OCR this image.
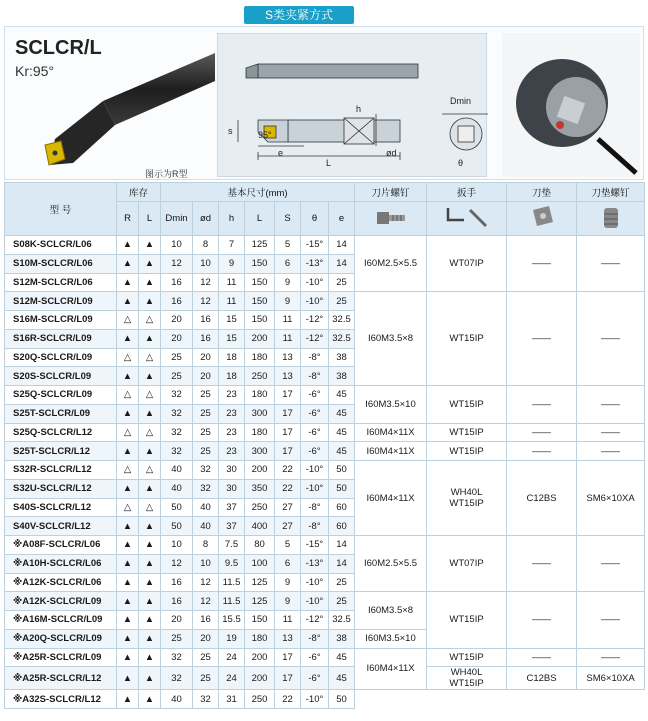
S类夹紧方式
SCLCR/L
Kr:95°
图示为R型
h
Dmin
s	95°
e
L
ød
θ
型 号	库存		基本尺寸(mm)							刀片螺钉	扳手	刀垫	刀垫螺钉
	R	L	Dmin	ød	h	L	S	θ	e				

S08K-SCLCR/L06	▲	▲	10	8	7	125	5	-15°	14	I60M2.5×5.5	WT07IP	——	——
S10M-SCLCR/L06	▲	▲	12	10	9	150	6	-13°	14				
S12M-SCLCR/L06	▲	▲	16	12	11	150	9	-10°	25				
S12M-SCLCR/L09	▲	▲	16	12	11	150	9	-10°	25	I60M3.5×8	WT15IP	——	——
S16M-SCLCR/L09	△	△	20	16	15	150	11	-12°	32.5				
S16R-SCLCR/L09	▲	▲	20	16	15	200	11	-12°	32.5				
S20Q-SCLCR/L09	△	△	25	20	18	180	13	-8°	38				
S20S-SCLCR/L09	▲	▲	25	20	18	250	13	-8°	38				
S25Q-SCLCR/L09	△	△	32	25	23	180	17	-6°	45	I60M3.5×10	WT15IP	——	——
S25T-SCLCR/L09	▲	▲	32	25	23	300	17	-6°	45				
S25Q-SCLCR/L12	△	△	32	25	23	180	17	-6°	45	I60M4×11X	WT15IP	——	——
S25T-SCLCR/L12	▲	▲	32	25	23	300	17	-6°	45	I60M4×11X	WT15IP	——	——
S32R-SCLCR/L12	△	△	40	32	30	200	22	-10°	50	I60M4×11X	WH40L
WT15IP	C12BS	SM6×10XA
S32U-SCLCR/L12	▲	▲	40	32	30	350	22	-10°	50				
S40S-SCLCR/L12	△	△	50	40	37	250	27	-8°	60				
S40V-SCLCR/L12	▲	▲	50	40	37	400	27	-8°	60				
※A08F-SCLCR/L06	▲	▲	10	8	7.5	80	5	-15°	14	I60M2.5×5.5	WT07IP	——	——
※A10H-SCLCR/L06	▲	▲	12	10	9.5	100	6	-13°	14				
※A12K-SCLCR/L06	▲	▲	16	12	11.5	125	9	-10°	25				
※A12K-SCLCR/L09	▲	▲	16	12	11.5	125	9	-10°	25	I60M3.5×8	WT15IP	——	——
※A16M-SCLCR/L09	▲	▲	20	16	15.5	150	11	-12°	32.5				
※A20Q-SCLCR/L09	▲	▲	25	20	19	180	13	-8°	38	I60M3.5×10			
※A25R-SCLCR/L09	▲	▲	32	25	24	200	17	-6°	45	I60M4×11X	WT15IP	——	——
※A25R-SCLCR/L12	▲	▲	32	25	24	200	17	-6°	45		WH40L
WT15IP	C12BS	SM6×10XA
※A32S-SCLCR/L12	▲	▲	40	32	31	250	22	-10°	50				
